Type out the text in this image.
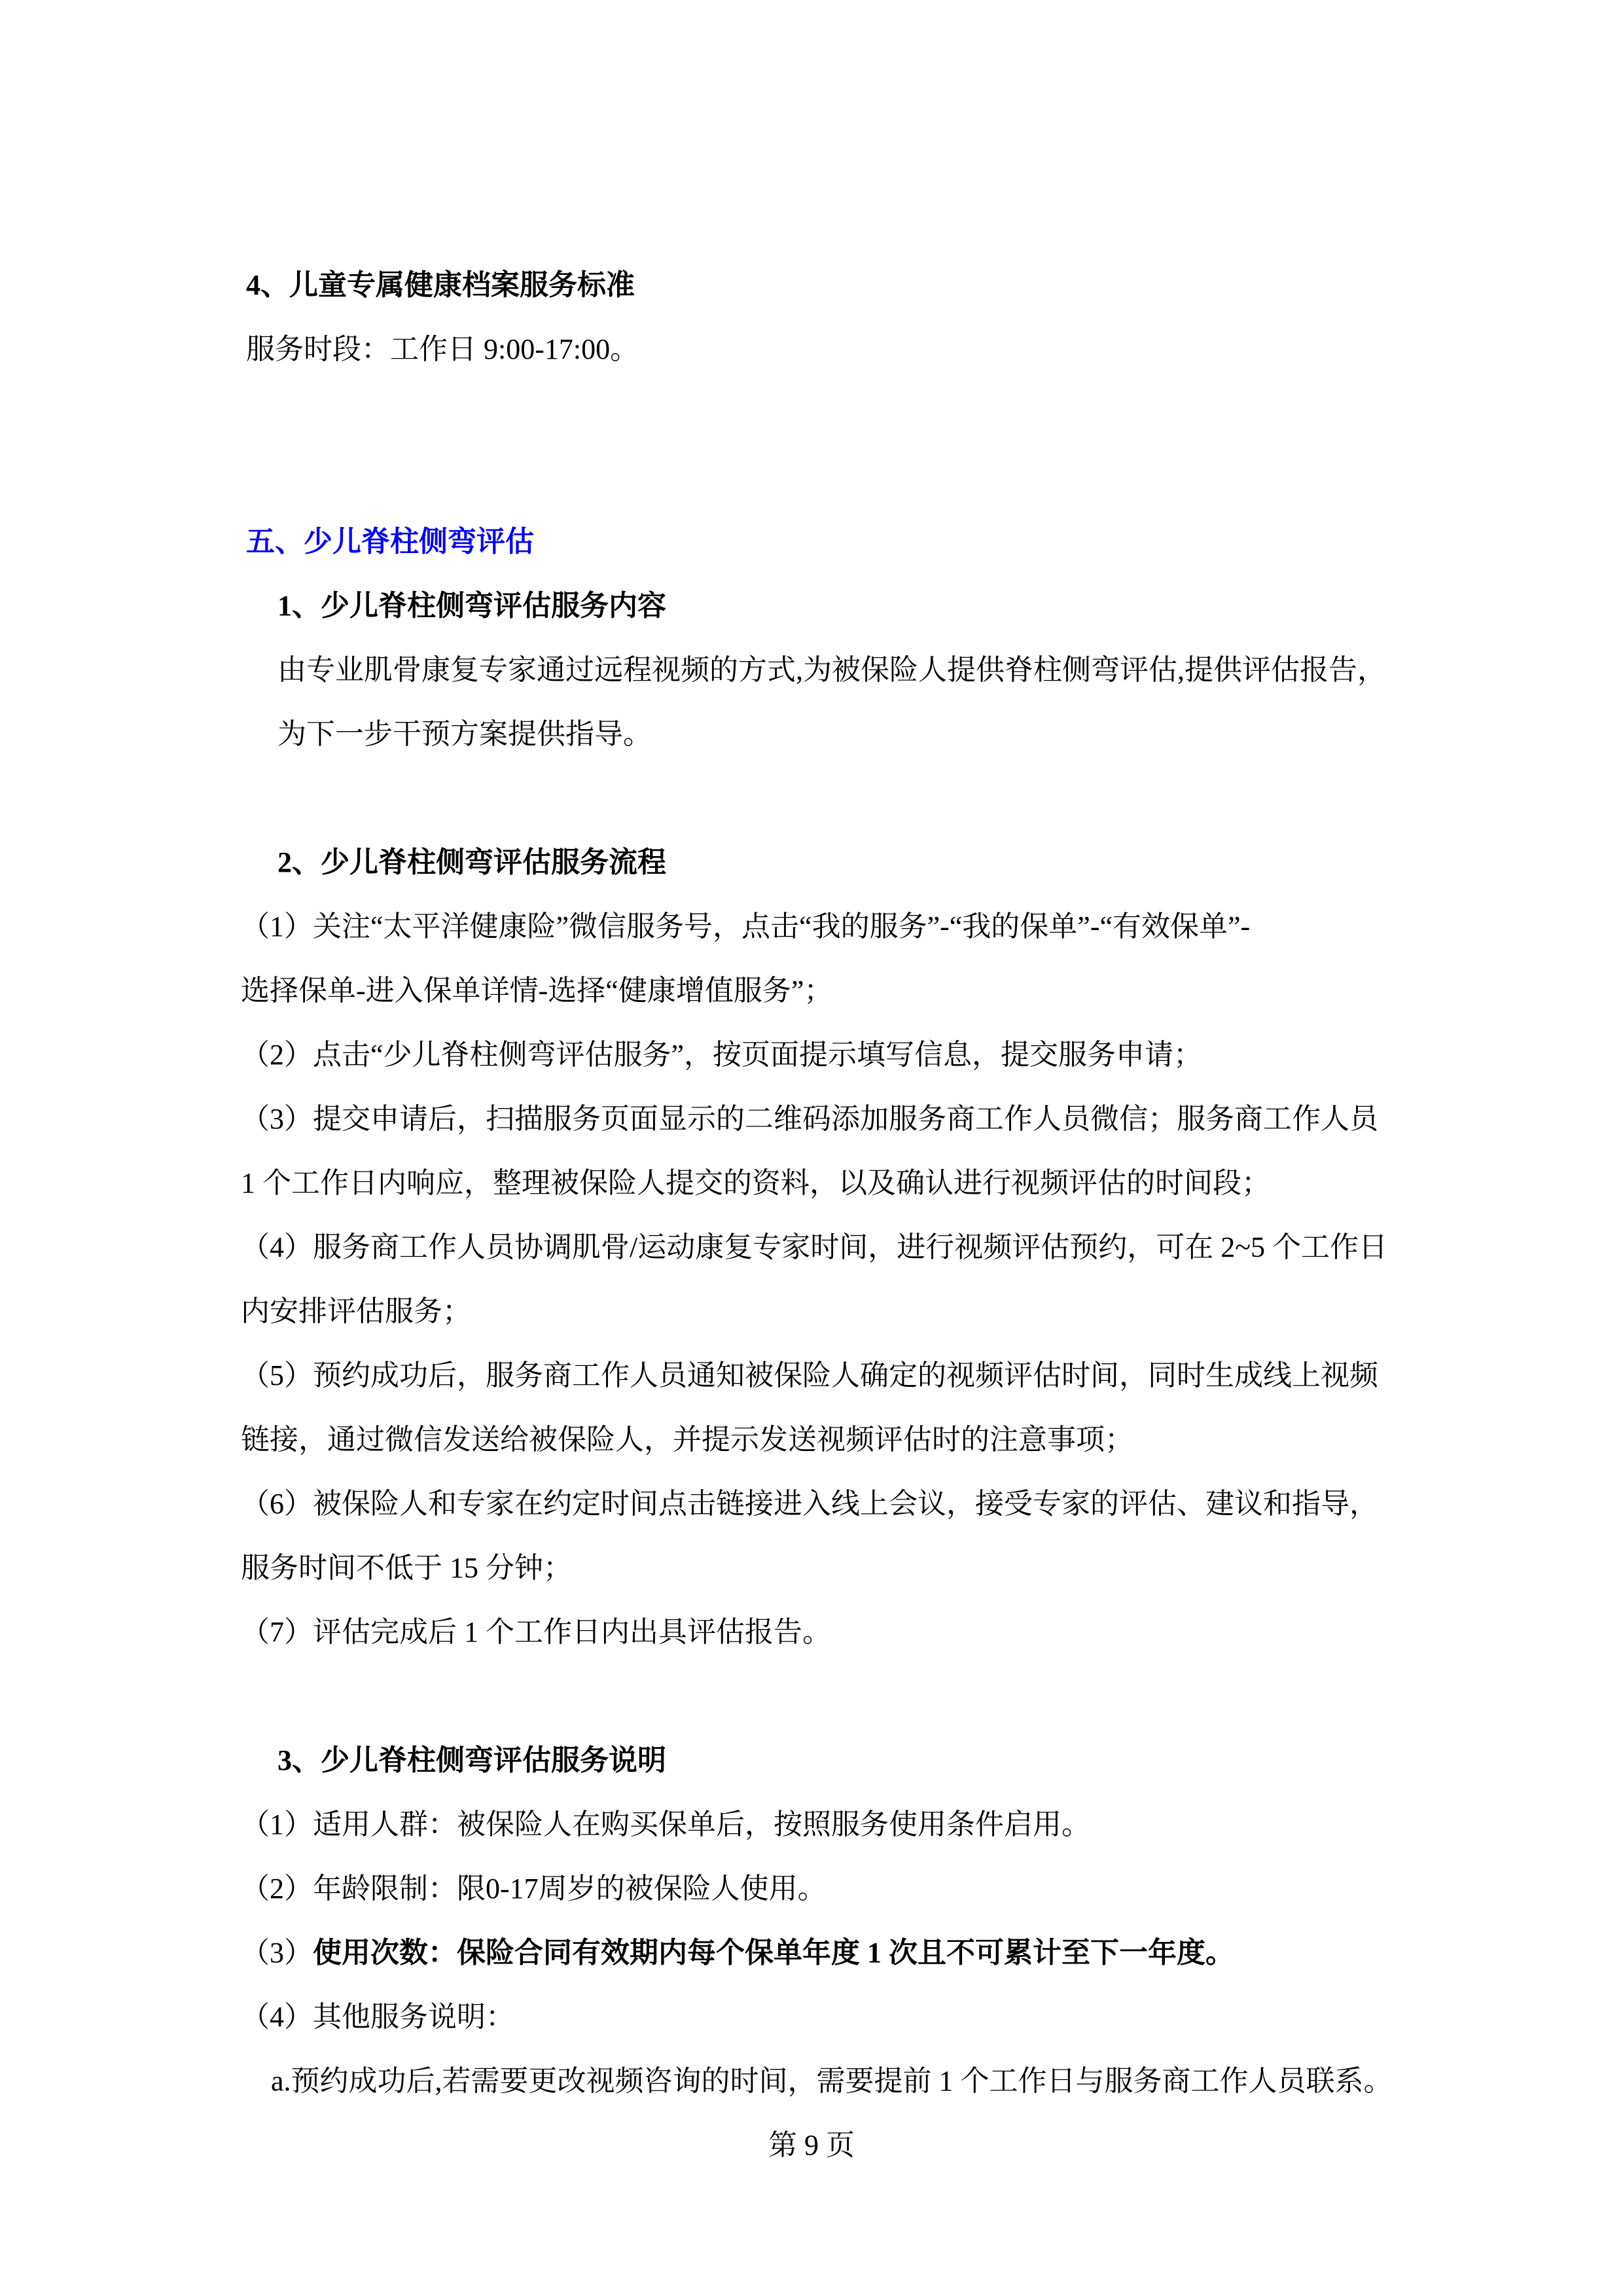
4、儿童专属健康档案服务标准
服务时段：工作日 9:00-17:00。
五、少儿脊柱侧弯评估
1、少儿脊柱侧弯评估服务内容
由专业肌骨康复专家通过远程视频的方式,为被保险人提供脊柱侧弯评估,提供评估报告，
为下一步干预方案提供指导。
2、少儿脊柱侧弯评估服务流程
（1）关注“太平洋健康险”微信服务号，点击“我的服务”-“我的保单”-“有效保单”-
选择保单-进入保单详情-选择“健康增值服务”；
（2）点击“少儿脊柱侧弯评估服务”，按页面提示填写信息，提交服务申请；
（3）提交申请后，扫描服务页面显示的二维码添加服务商工作人员微信；服务商工作人员
1 个工作日内响应，整理被保险人提交的资料，以及确认进行视频评估的时间段；
（4）服务商工作人员协调肌骨/运动康复专家时间，进行视频评估预约，可在 2~5 个工作日
内安排评估服务；
（5）预约成功后，服务商工作人员通知被保险人确定的视频评估时间，同时生成线上视频
链接，通过微信发送给被保险人，并提示发送视频评估时的注意事项；
（6）被保险人和专家在约定时间点击链接进入线上会议，接受专家的评估、建议和指导，
服务时间不低于 15 分钟；
（7）评估完成后 1 个工作日内出具评估报告。
3、少儿脊柱侧弯评估服务说明
（1）适用人群：被保险人在购买保单后，按照服务使用条件启用。
（2）年龄限制：限0-17周岁的被保险人使用。
（3）使用次数：保险合同有效期内每个保单年度 1 次且不可累计至下一年度。
（4）其他服务说明：
a.预约成功后,若需要更改视频咨询的时间，需要提前 1 个工作日与服务商工作人员联系。
第 9 页
